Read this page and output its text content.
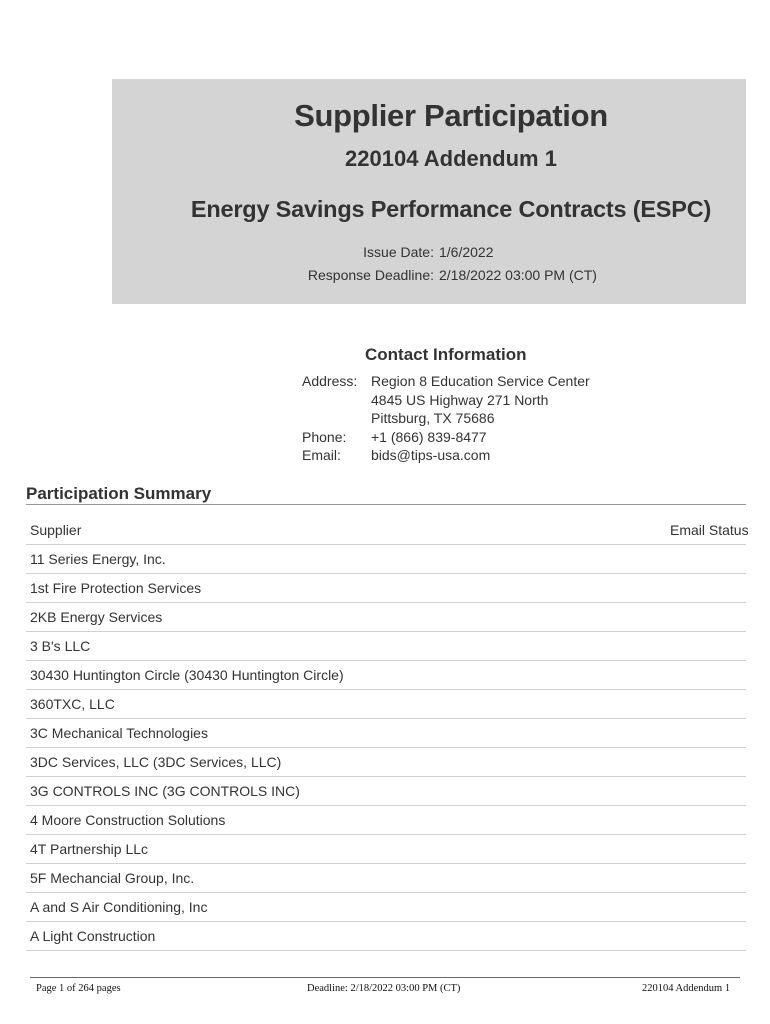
Supplier Participation
220104 Addendum 1
Energy Savings Performance Contracts (ESPC)
Issue Date: 1/6/2022
Response Deadline: 2/18/2022 03:00 PM (CT)
Contact Information
Address: Region 8 Education Service Center
4845 US Highway 271 North
Pittsburg, TX 75686
Phone: +1 (866) 839-8477
Email: bids@tips-usa.com
Participation Summary
Supplier	Email Status
11 Series Energy, Inc.
1st Fire Protection Services
2KB Energy Services
3 B's LLC
30430 Huntington Circle (30430 Huntington Circle)
360TXC, LLC
3C Mechanical Technologies
3DC Services, LLC (3DC Services, LLC)
3G CONTROLS INC (3G CONTROLS INC)
4 Moore Construction Solutions
4T Partnership LLc
5F Mechancial Group, Inc.
A and S Air Conditioning, Inc
A Light Construction
Page 1 of 264 pages	Deadline: 2/18/2022 03:00 PM (CT)	220104 Addendum 1
